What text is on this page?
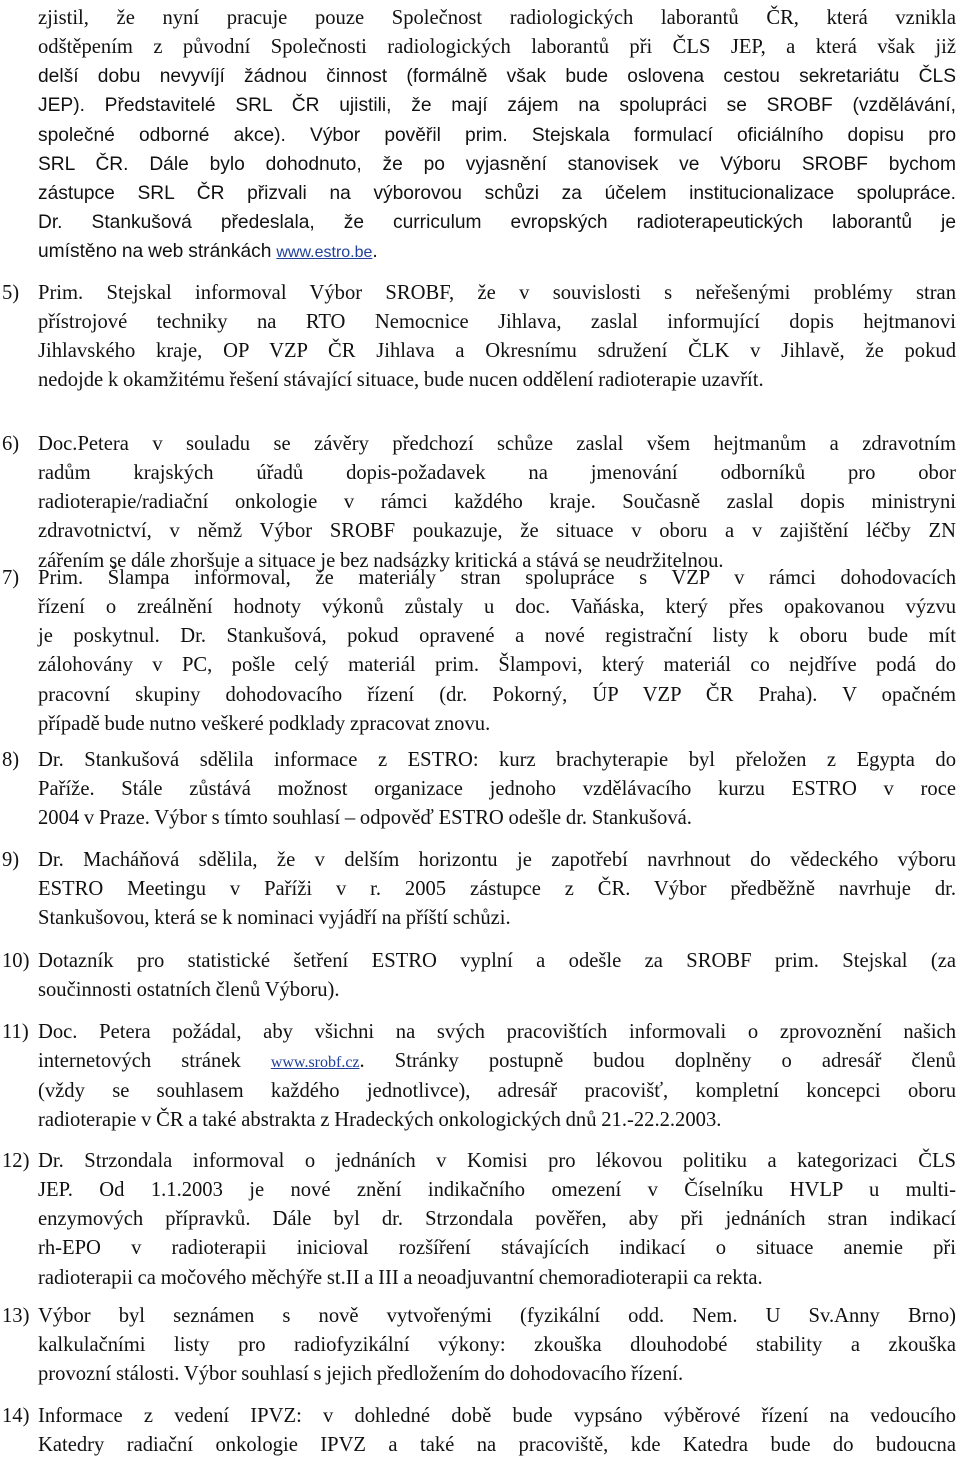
zjistil, že nyní pracuje pouze Společnost radiologických laborantů ČR, která vznikla
odštěpením z původní Společnosti radiologických laborantů při ČLS JEP, a která však již
delší dobu nevyvíjí žádnou činnost (formálně však bude oslovena cestou sekretariátu ČLS
JEP). Představitelé SRL ČR ujistili, že mají zájem na spolupráci se SROBF (vzdělávání,
společné odborné akce). Výbor pověřil prim. Stejskala formulací oficiálního dopisu pro
SRL ČR. Dále bylo dohodnuto, že po vyjasnění stanovisek ve Výboru SROBF bychom
zástupce SRL ČR přizvali na výborovou schůzi za účelem institucionalizace spolupráce.
Dr. Stankušová předeslala, že curriculum evropských radioterapeutických laborantů je
umístěno na web stránkách www.estro.be.
5) Prim. Stejskal informoval Výbor SROBF, že v souvislosti s neřešenými problémy stran
přístrojové techniky na RTO Nemocnice Jihlava, zaslal informující dopis hejtmanovi
Jihlavského kraje, OP VZP ČR Jihlava a Okresnímu sdružení ČLK v Jihlavě, že pokud
nedojde k okamžitému řešení stávající situace, bude nucen oddělení radioterapie uzavřít.
6) Doc.Petera v souladu se závěry předchozí schůze zaslal všem hejtmanům a zdravotním
radům krajských úřadů dopis-požadavek na jmenování odborníků pro obor
radioterapie/radiační onkologie v rámci každého kraje. Současně zaslal dopis ministryni
zdravotnictví, v němž Výbor SROBF poukazuje, že situace v oboru a v zajištění léčby ZN
zářením se dále zhoršuje a situace je bez nadsázky kritická a stává se neudržitelnou.
7) Prim. Šlampa informoval, že materiály stran spolupráce s VZP v rámci dohodovacích
řízení o zreálnění hodnoty výkonů zůstaly u doc. Vaňáska, který přes opakovanou výzvu
je poskytnul. Dr. Stankušová, pokud opravené a nové registrační listy k oboru bude mít
zálohovány v PC, pošle celý materiál prim. Šlampovi, který materiál co nejdříve podá do
pracovní skupiny dohodovacího řízení (dr. Pokorný, ÚP VZP ČR Praha). V opačném
případě bude nutno veškeré podklady zpracovat znovu.
8) Dr. Stankušová sdělila informace z ESTRO: kurz brachyterapie byl přeložen z Egypta do
Paříže. Stále zůstává možnost organizace jednoho vzdělávacího kurzu ESTRO v roce
2004 v Praze. Výbor s tímto souhlasí – odpověď ESTRO odešle dr. Stankušová.
9) Dr. Macháňová sdělila, že v delším horizontu je zapotřebí navrhnout do vědeckého výboru
ESTRO Meetingu v Paříži v r. 2005 zástupce z ČR. Výbor předběžně navrhuje dr.
Stankušovou, která se k nominaci vyjádří na příští schůzi.
10) Dotazník pro statistické šetření ESTRO vyplní a odešle za SROBF prim. Stejskal (za
součinnosti ostatních členů Výboru).
11) Doc. Petera požádal, aby všichni na svých pracovištích informovali o zprovoznění našich
internetových stránek www.srobf.cz. Stránky postupně budou doplněny o adresář členů
(vždy se souhlasem každého jednotlivce), adresář pracovišť, kompletní koncepci oboru
radioterapie v ČR a také abstrakta z Hradeckých onkologických dnů 21.-22.2.2003.
12) Dr. Strzondala informoval o jednáních v Komisi pro lékovou politiku a kategorizaci ČLS
JEP. Od 1.1.2003 je nové znění indikačního omezení v Číselníku HVLP u multi-
enzymových přípravků. Dále byl dr. Strzondala pověřen, aby při jednáních stran indikací
rh-EPO v radioterapii inicioval rozšíření stávajících indikací o situace anemie při
radioterapii ca močového měchýře st.II a III a neoadjuvantní chemoradioterapii ca rekta.
13) Výbor byl seznámen s nově vytvořenými (fyzikální odd. Nem. U Sv.Anny Brno)
kalkulačními listy pro radiofyzikální výkony: zkouška dlouhodobé stability a zkouška
provozní stálosti. Výbor souhlasí s jejich předložením do dohodovacího řízení.
14) Informace z vedení IPVZ: v dohledné době bude vypsáno výběrové řízení na vedoucího
Katedry radiační onkologie IPVZ a také na pracoviště, kde Katedra bude do budoucna
